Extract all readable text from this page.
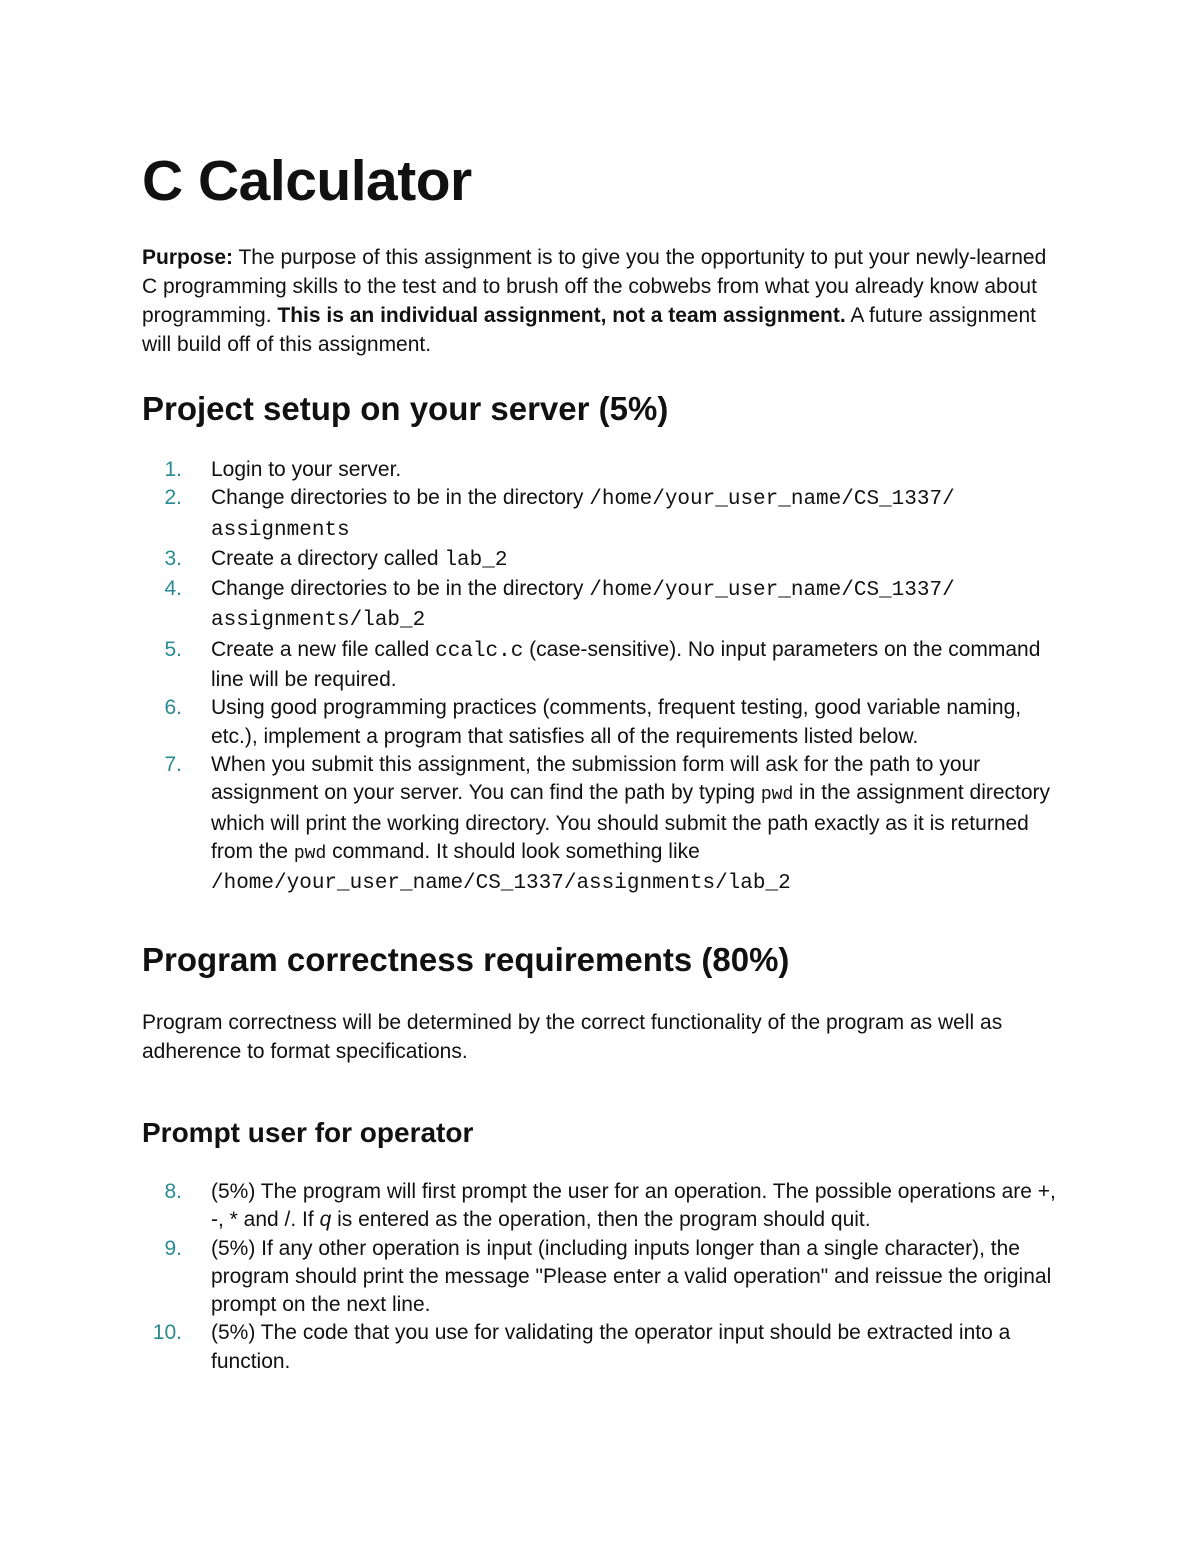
C Calculator

Purpose: The purpose of this assignment is to give you the opportunity to put your newly-learned C programming skills to the test and to brush off the cobwebs from what you already know about programming. This is an individual assignment, not a team assignment. A future assignment will build off of this assignment.

Project setup on your server (5%)
1. Login to your server.
2. Change directories to be in the directory /home/your_user_name/CS_1337/ assignments
3. Create a directory called lab_2
4. Change directories to be in the directory /home/your_user_name/CS_1337/ assignments/lab_2
5. Create a new file called ccalc.c (case-sensitive). No input parameters on the command line will be required.
6. Using good programming practices (comments, frequent testing, good variable naming, etc.), implement a program that satisfies all of the requirements listed below.
7. When you submit this assignment, the submission form will ask for the path to your assignment on your server. You can find the path by typing pwd in the assignment directory which will print the working directory. You should submit the path exactly as it is returned from the pwd command. It should look something like /home/your_user_name/CS_1337/assignments/lab_2
Program correctness requirements (80%)

Program correctness will be determined by the correct functionality of the program as well as adherence to format specifications.

Prompt user for operator
8. (5%) The program will first prompt the user for an operation. The possible operations are +, -, * and /. If q is entered as the operation, then the program should quit.
9. (5%) If any other operation is input (including inputs longer than a single character), the program should print the message "Please enter a valid operation" and reissue the original prompt on the next line.
10. (5%) The code that you use for validating the operator input should be extracted into a function.
